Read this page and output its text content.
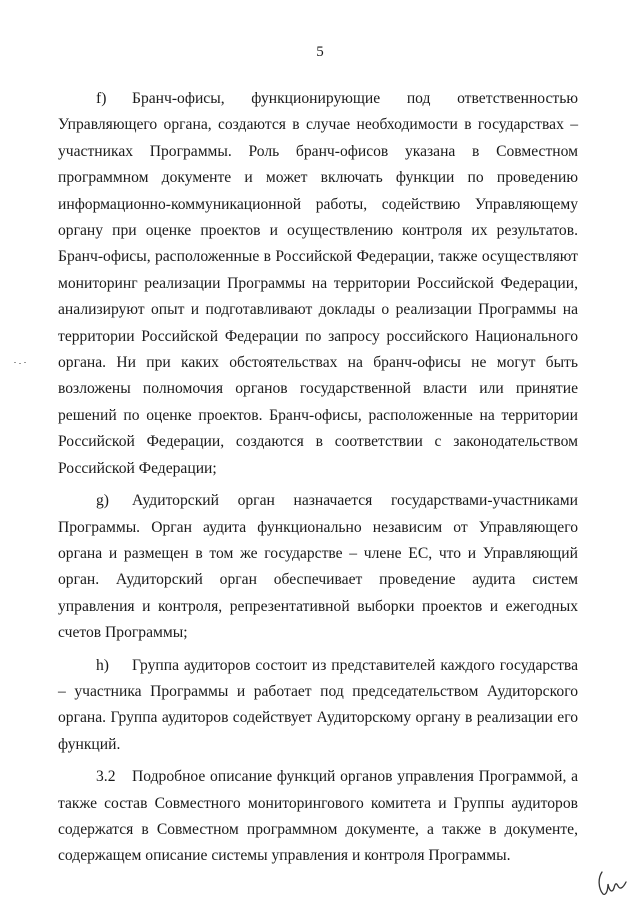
5

f) Бранч-офисы, функционирующие под ответственностью Управляющего органа, создаются в случае необходимости в государствах – участниках Программы. Роль бранч-офисов указана в Совместном программном документе и может включать функции по проведению информационно-коммуникационной работы, содействию Управляющему органу при оценке проектов и осуществлению контроля их результатов. Бранч-офисы, расположенные в Российской Федерации, также осуществляют мониторинг реализации Программы на территории Российской Федерации, анализируют опыт и подготавливают доклады о реализации Программы на территории Российской Федерации по запросу российского Национального органа. Ни при каких обстоятельствах на бранч-офисы не могут быть возложены полномочия органов государственной власти или принятие решений по оценке проектов. Бранч-офисы, расположенные на территории Российской Федерации, создаются в соответствии с законодательством Российской Федерации;

g) Аудиторский орган назначается государствами-участниками Программы. Орган аудита функционально независим от Управляющего органа и размещен в том же государстве – члене ЕС, что и Управляющий орган. Аудиторский орган обеспечивает проведение аудита систем управления и контроля, репрезентативной выборки проектов и ежегодных счетов Программы;

h) Группа аудиторов состоит из представителей каждого государства – участника Программы и работает под председательством Аудиторского органа. Группа аудиторов содействует Аудиторскому органу в реализации его функций.

3.2 Подробное описание функций органов управления Программой, а также состав Совместного мониторингового комитета и Группы аудиторов содержатся в Совместном программном документе, а также в документе, содержащем описание системы управления и контроля Программы.
